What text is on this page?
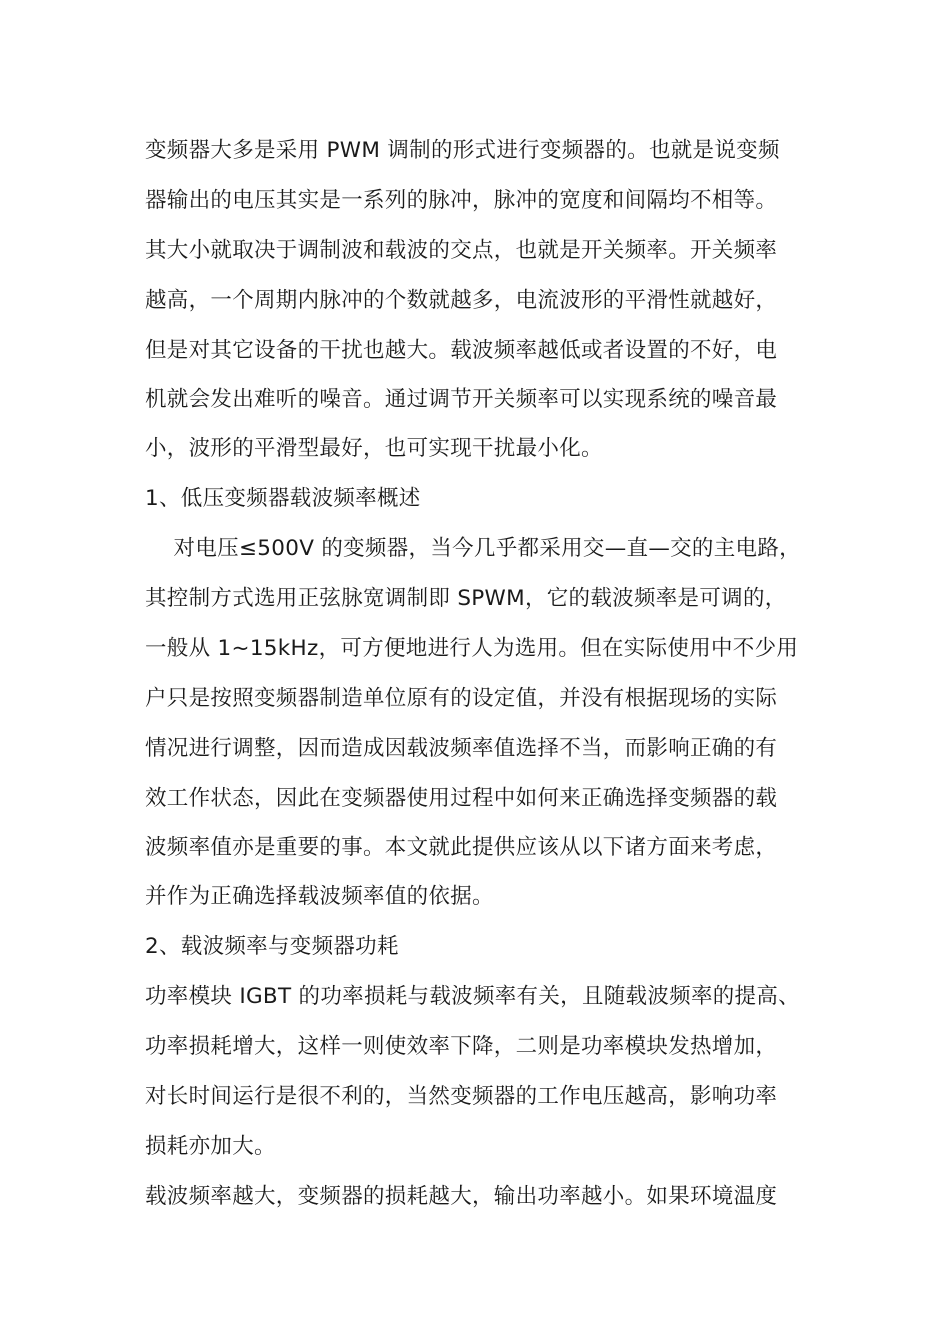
变频器大多是采用 PWM 调制的形式进行变频器的。也就是说变频
器输出的电压其实是一系列的脉冲，脉冲的宽度和间隔均不相等。
其大小就取决于调制波和载波的交点，也就是开关频率。开关频率
越高，一个周期内脉冲的个数就越多，电流波形的平滑性就越好，
但是对其它设备的干扰也越大。载波频率越低或者设置的不好，电
机就会发出难听的噪音。通过调节开关频率可以实现系统的噪音最
小，波形的平滑型最好，也可实现干扰最小化。
1、低压变频器载波频率概述
对电压≤500V 的变频器，当今几乎都采用交—直—交的主电路，
其控制方式选用正弦脉宽调制即 SPWM，它的载波频率是可调的，
一般从 1~15kHz，可方便地进行人为选用。但在实际使用中不少用
户只是按照变频器制造单位原有的设定值，并没有根据现场的实际
情况进行调整，因而造成因载波频率值选择不当，而影响正确的有
效工作状态，因此在变频器使用过程中如何来正确选择变频器的载
波频率值亦是重要的事。本文就此提供应该从以下诸方面来考虑，
并作为正确选择载波频率值的依据。
2、载波频率与变频器功耗
功率模块 IGBT 的功率损耗与载波频率有关，且随载波频率的提高、
功率损耗增大，这样一则使效率下降，二则是功率模块发热增加，
对长时间运行是很不利的，当然变频器的工作电压越高，影响功率
损耗亦加大。
载波频率越大，变频器的损耗越大，输出功率越小。如果环境温度
